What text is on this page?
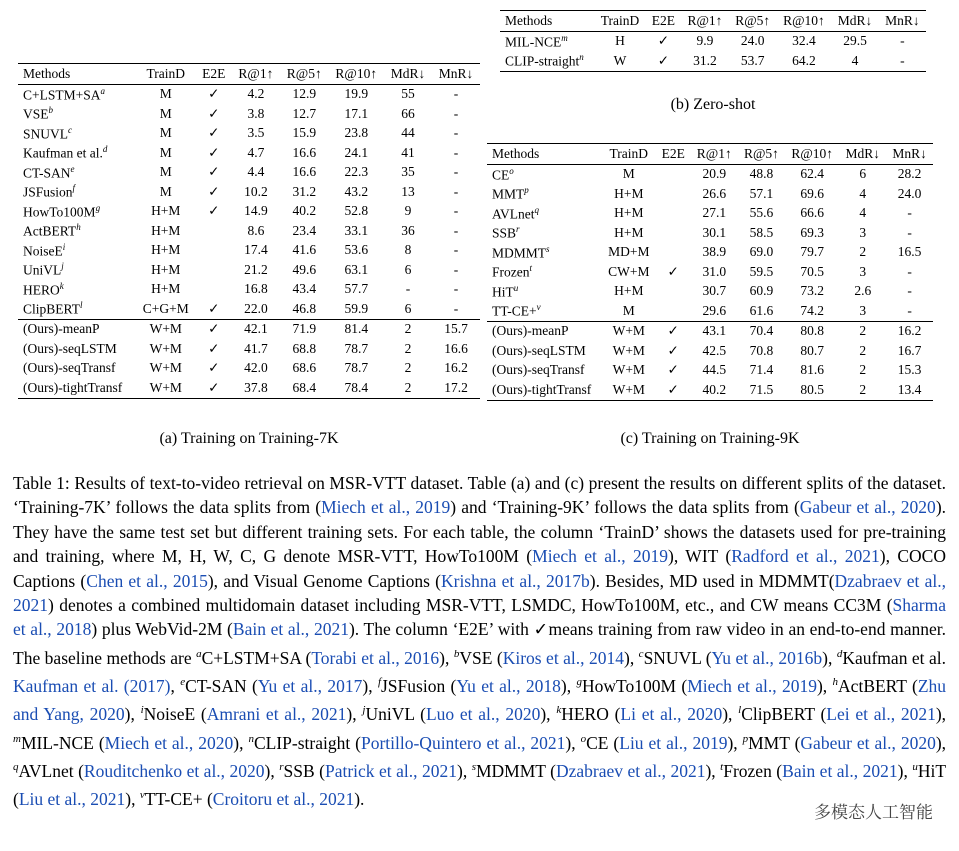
Methods	TrainD	E2E	R@1↑	R@5↑	R@10↑	MdR↓	MnR↓
$C+LSTM+SA^a$	M	✓	4.2	12.9	19.9	55	-
VSE$^b$	M	✓	3.8	12.7	17.1	66	-
SNUVL$^c$	M	✓	3.5	15.9	23.8	44	-
Kaufman et al.$^d$	M	✓	4.7	16.6	24.1	41	-
CT-SAN$^e$	M	✓	4.4	16.6	22.3	35	-
JSFusion$^f$	M	✓	10.2	31.2	43.2	13	-
$HowTo100M^g$	H+M	✓	14.9	40.2	52.8	9	-
ActBERT$^h$	H+M		8.6	23.4	33.1	36	-
NoiseE$^i$	H+M		17.4	41.6	53.6	8	-
UniVL$^j$	H+M		21.2	49.6	63.1	6	-
HERO$^k$	H+M		16.8	43.4	57.7	-	-
ClipBERT$^l$	C+G+M	✓	22.0	46.8	59.9	6	-
(Ours)-meanP	W+M	✓	42.1	71.9	81.4	2	15.7
(Ours)-seqLSTM	W+M	✓	41.7	68.8	78.7	2	16.6
(Ours)-seqTransf	W+M	✓	42.0	68.6	78.7	2	16.2
(Ours)-tightTransf	W+M	✓	37.8	68.4	78.4	2	17.2
(a) Training on Training-7K
Methods	TrainD	E2E	R@1↑	R@5↑	R@10↑	MdR↓	MnR↓
MIL-NCE$^m$	H	✓	9.9	24.0	32.4	29.5	-
CLIP-straight$^n$	W	✓	31.2	53.7	64.2	4	-
(b) Zero-shot
Methods	TrainD	E2E	R@1↑	R@5↑	R@10↑	MdR↓	MnR↓
$CE^o$	M		20.9	48.8	62.4	6	28.2
MMT$^p$	H+M		26.6	57.1	69.6	4	24.0
AVLnet$^q$	H+M		27.1	55.6	66.6	4	-
SSB$^r$	H+M		30.1	58.5	69.3	3	-
MDMMT$^s$	MD+M		38.9	69.0	79.7	2	16.5
Frozen$^t$	CW+M	✓	31.0	59.5	70.5	3	-
HiT$^u$	H+M		30.7	60.9	73.2	2.6	-
TT-CE+$^v$	M		29.6	61.6	74.2	3	-
(Ours)-meanP	W+M	✓	43.1	70.4	80.8	2	16.2
(Ours)-seqLSTM	W+M	✓	42.5	70.8	80.7	2	16.7
(Ours)-seqTransf	W+M	✓	44.5	71.4	81.6	2	15.3
(Ours)-tightTransf	W+M	✓	40.2	71.5	80.5	2	13.4
(c) Training on Training-9K
Table 1: Results of text-to-video retrieval on MSR-VTT dataset. Table (a) and (c) present the results on different splits of the dataset. ‘Training-7K’ follows the data splits from (Miech et al., 2019) and ‘Training-9K’ follows the data splits from (Gabeur et al., 2020). They have the same test set but different training sets. For each table, the column ‘TrainD’ shows the datasets used for pre-training and training, where M, H, W, C, G denote MSR-VTT, HowTo100M (Miech et al., 2019), WIT (Radford et al., 2021), COCO Captions (Chen et al., 2015), and Visual Genome Captions (Krishna et al., 2017b). Besides, MD used in MDMMT(Dzabraev et al., 2021) denotes a combined multidomain dataset including MSR-VTT, LSMDC, HowTo100M, etc., and CW means CC3M (Sharma et al., 2018) plus WebVid-2M (Bain et al., 2021). The column ‘E2E’ with ✓means training from raw video in an end-to-end manner. The baseline methods are $^a$C+LSTM+SA (Torabi et al., 2016), $^b$VSE (Kiros et al., 2014), $^c$SNUVL (Yu et al., 2016b), $^d$Kaufman et al. Kaufman et al. (2017), $^e$CT-SAN (Yu et al., 2017), $^f$JSFusion (Yu et al., 2018), $^g$HowTo100M (Miech et al., 2019), $^h$ActBERT (Zhu and Yang, 2020), $^i$NoiseE (Amrani et al., 2021), $^j$UniVL (Luo et al., 2020), $^k$HERO (Li et al., 2020), $^l$ClipBERT (Lei et al., 2021), $^m$MIL-NCE (Miech et al., 2020), $^n$CLIP-straight (Portillo-Quintero et al., 2021), $^o$CE (Liu et al., 2019), $^p$MMT (Gabeur et al., 2020), $^q$AVLnet (Rouditchenko et al., 2020), $^r$SSB (Patrick et al., 2021), $^s$MDMMT (Dzabraev et al., 2021), $^t$Frozen (Bain et al., 2021), $^u$HiT (Liu et al., 2021), $^v$TT-CE+ (Croitoru et al., 2021).
多模态人工智能
